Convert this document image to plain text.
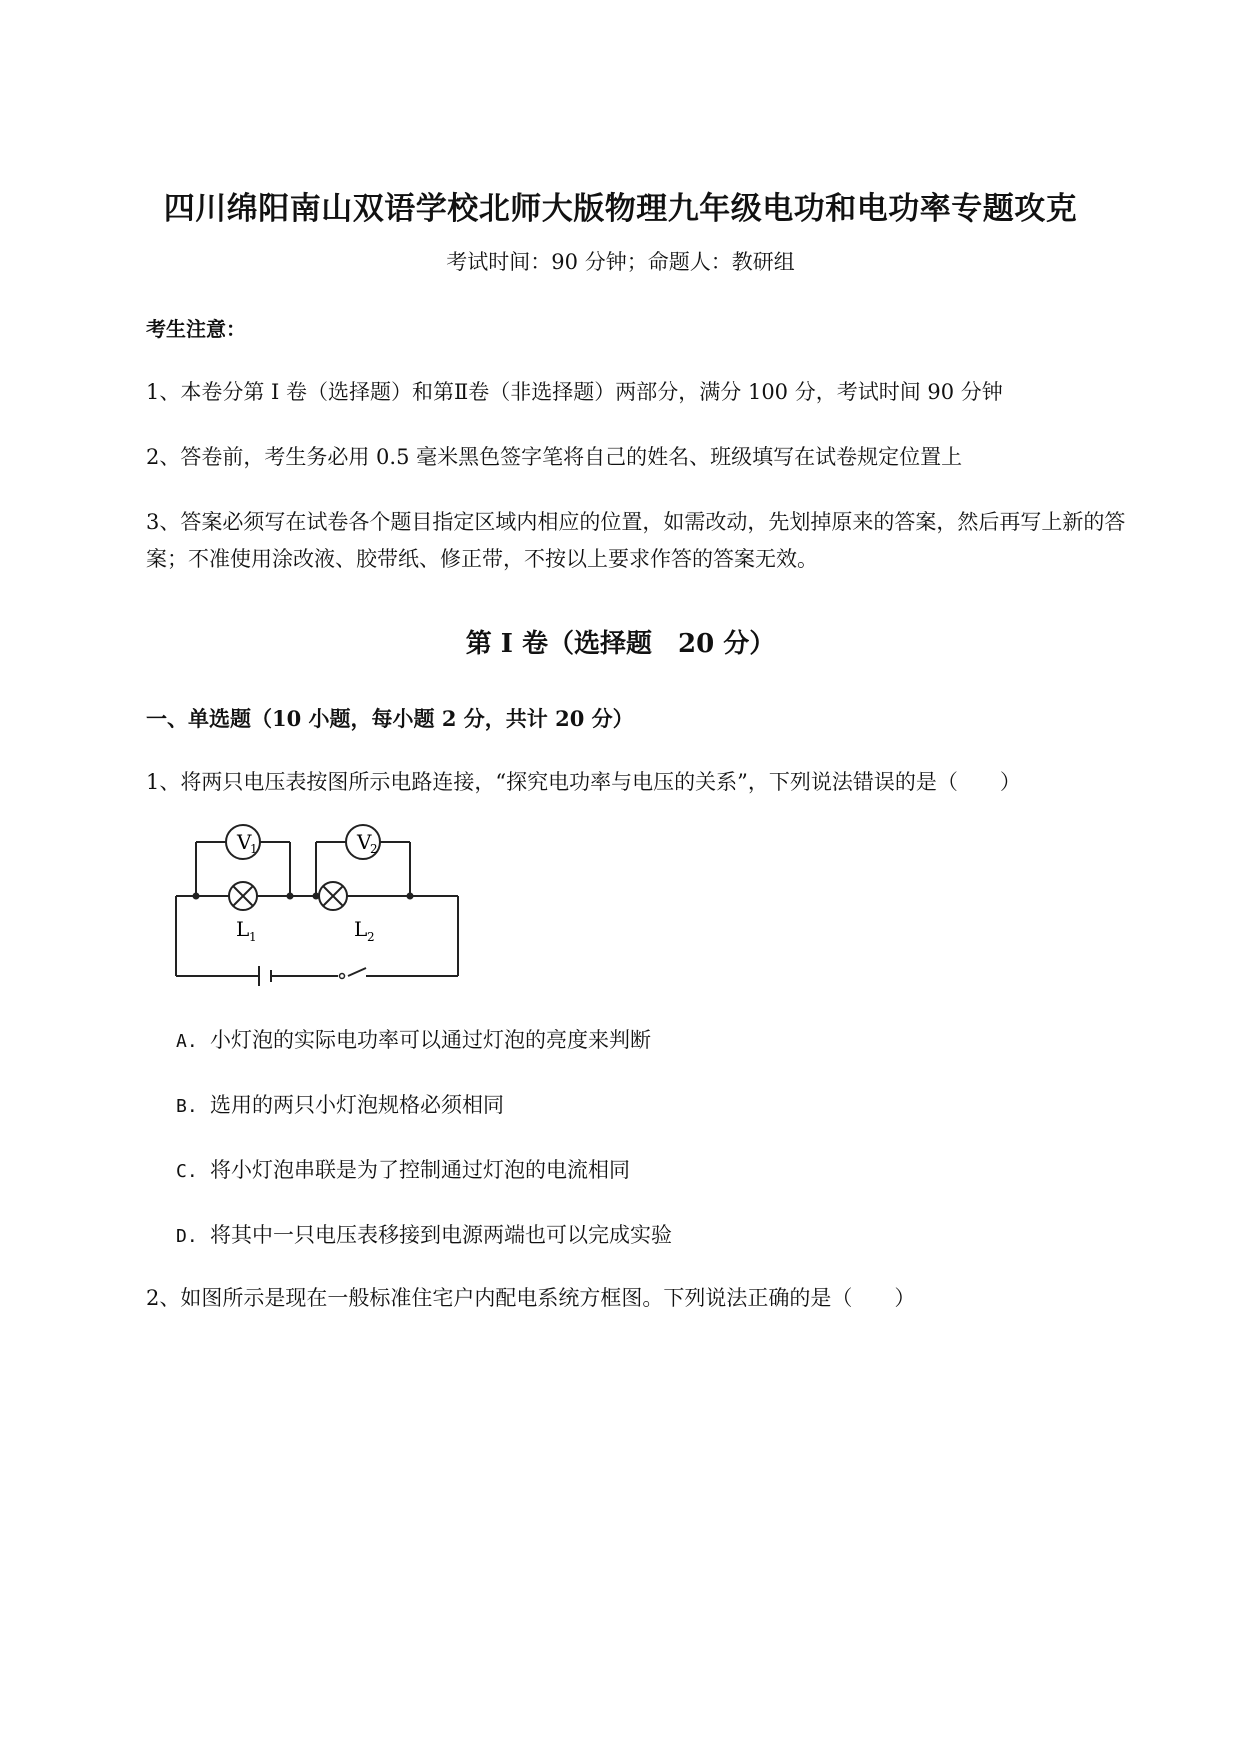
四川绵阳南山双语学校北师大版物理九年级电功和电功率专题攻克
考试时间：90 分钟；命题人：教研组
考生注意：
1、本卷分第 I 卷（选择题）和第Ⅱ卷（非选择题）两部分，满分 100 分，考试时间 90 分钟
2、答卷前，考生务必用 0.5 毫米黑色签字笔将自己的姓名、班级填写在试卷规定位置上
3、答案必须写在试卷各个题目指定区域内相应的位置，如需改动，先划掉原来的答案，然后再写上新的答案；不准使用涂改液、胶带纸、修正带，不按以上要求作答的答案无效。
第 I 卷（选择题　20 分）
一、单选题（10 小题，每小题 2 分，共计 20 分）
1、将两只电压表按图所示电路连接，“探究电功率与电压的关系”，下列说法错误的是（　　）
V
1	V
2
L 1	L 2
A. 小灯泡的实际电功率可以通过灯泡的亮度来判断
B. 选用的两只小灯泡规格必须相同
C. 将小灯泡串联是为了控制通过灯泡的电流相同
D. 将其中一只电压表移接到电源两端也可以完成实验
2、如图所示是现在一般标准住宅户内配电系统方框图。下列说法正确的是（　　）
